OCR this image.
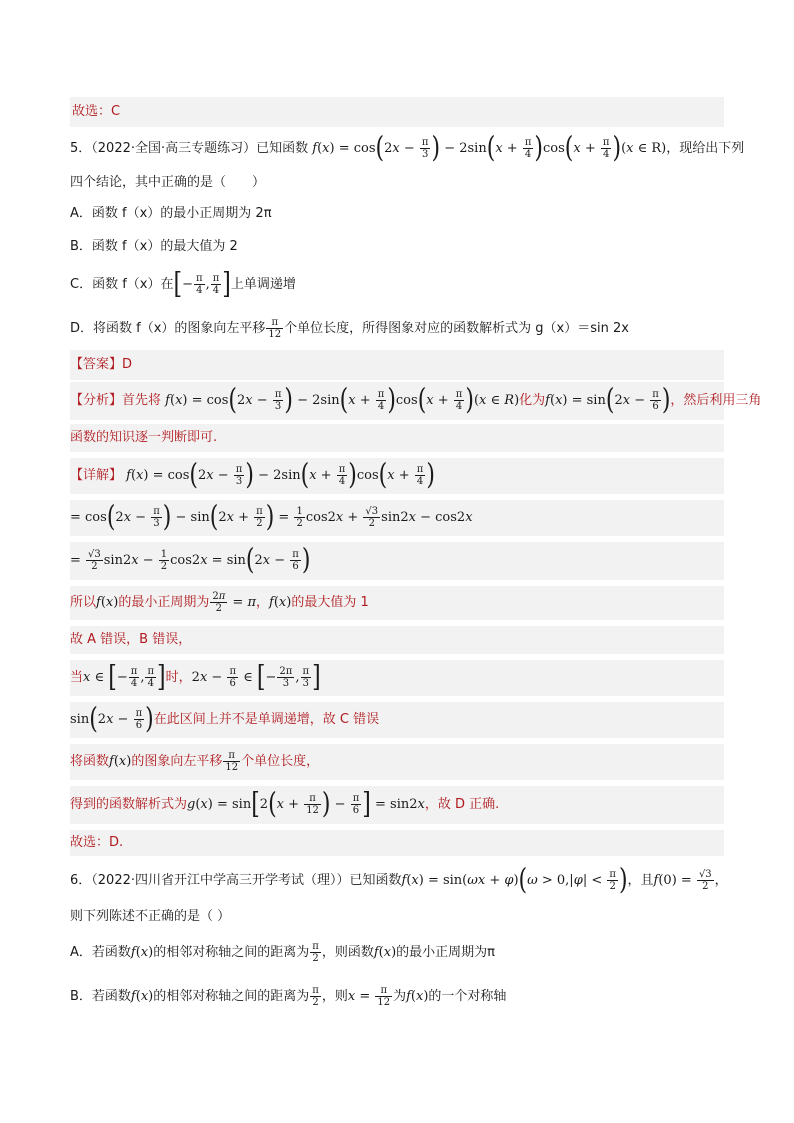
故选：C
5．（2022·全国·高三专题练习）已知函数 $f(x) = \cos(2x - \frac{\pi}{3}$ ) − $2\sin(x + \frac{\pi}{4} )\cos(x + \frac{\pi}{4} )(x$ ∈ R)，现给出下列
四个结论，其中正确的是（　　）
A．函数 f（x）的最小正周期为 2π
B．函数 f（x）的最大值为 2
C．函数 f（x）在[− $\frac{\pi}{4}$ , $\frac{\pi}{4}$ ]上单调递增
D．将函数 f（x）的图象向左平移 $\frac{\pi}{12}$ 个单位长度，所得图象对应的函数解析式为 g（x）＝sin 2x
【答案】D
【分析】首先将 $f(x) = \cos(2x - \frac{\pi}{3}$ ) − $2\sin(x + \frac{\pi}{4} )\cos(x + \frac{\pi}{4} )(x$ ∈ R)化为$f(x) = \sin(2x - \frac{\pi}{6}$ )，然后利用三角
函数的知识逐一判断即可.
【详解】 $f(x) = \cos(2x - \frac{\pi}{3}$ ) − $2\sin(x + \frac{\pi}{4} )\cos(x + \frac{\pi}{4}$ )
= $\cos(2x - \frac{\pi}{3}$ ) − $\sin(2x + \frac{\pi}{2}$ ) = $\frac{1}{2} \cos 2x + \frac{√3}{2} \sin 2x - \cos 2x$
= $\frac{√3}{2} \sin 2x - \frac{1}{2} \cos 2x = \sin(2x - \frac{\pi}{6}$ )
所以f(x)的最小正周期为 $\frac{2\pi}{2} = \pi$，f(x)的最大值为 1
故 A 错误，B 错误，
当x ∈ [− $\frac{\pi}{4}$ , $\frac{\pi}{4}$ ]时，$2x - \frac{\pi}{6}$ ∈ [− $\frac{2\pi}{3}$ , $\frac{\pi}{3}$ ]
$\sin(2x - \frac{\pi}{6}$ )在此区间上并不是单调递增，故 C 错误
将函数f(x)的图象向左平移 $\frac{\pi}{12}$ 个单位长度，
得到的函数解析式为$g(x) = \sin[2(x + \frac{\pi}{12}$ ) − $\frac{\pi}{6}$ ] = sin2x，故 D 正确.
故选：D.
6．（2022·四川省开江中学高三开学考试（理））已知函数$f(x) = \sin(\omega x + \varphi)(\omega > 0,|\varphi| < \frac{\pi}{2}$ )，且$f(0) = \frac{√3}{2}$ ，
则下列陈述不正确的是（ ）
A．若函数f(x)的相邻对称轴之间的距离为 $\frac{\pi}{2}$ ，则函数f(x)的最小正周期为π
B．若函数f(x)的相邻对称轴之间的距离为 $\frac{\pi}{2}$ ，则$x = \frac{\pi}{12}$ 为f(x)的一个对称轴
